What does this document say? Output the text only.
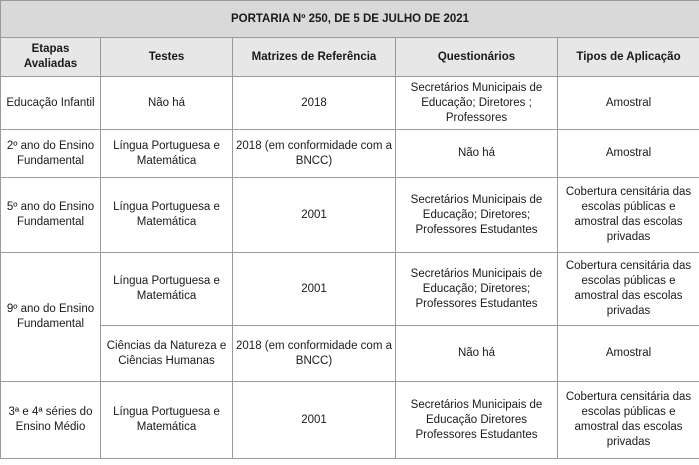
PORTARIA Nº 250, DE 5 DE JULHO DE 2021				
Etapas Avaliadas	Testes	Matrizes de Referência	Questionários	Tipos de Aplicação
Educação Infantil	Não há	2018	Secretários Municipais de Educação; Diretores ; Professores	Amostral
2º ano do Ensino Fundamental	Língua Portuguesa e Matemática	2018 (em conformidade com a BNCC)	Não há	Amostral
5º ano do Ensino Fundamental	Língua Portuguesa e Matemática	2001	Secretários Municipais de Educação; Diretores; Professores Estudantes	Cobertura censitária das escolas públicas e amostral das escolas privadas
9º ano do Ensino Fundamental	Língua Portuguesa e Matemática	2001	Secretários Municipais de Educação; Diretores; Professores Estudantes	Cobertura censitária das escolas públicas e amostral das escolas privadas
	Ciências da Natureza e Ciências Humanas	2018 (em conformidade com a BNCC)	Não há	Amostral
3ª e 4ª séries do Ensino Médio	Língua Portuguesa e Matemática	2001	Secretários Municipais de Educação Diretores Professores Estudantes	Cobertura censitária das escolas públicas e amostral das escolas privadas
